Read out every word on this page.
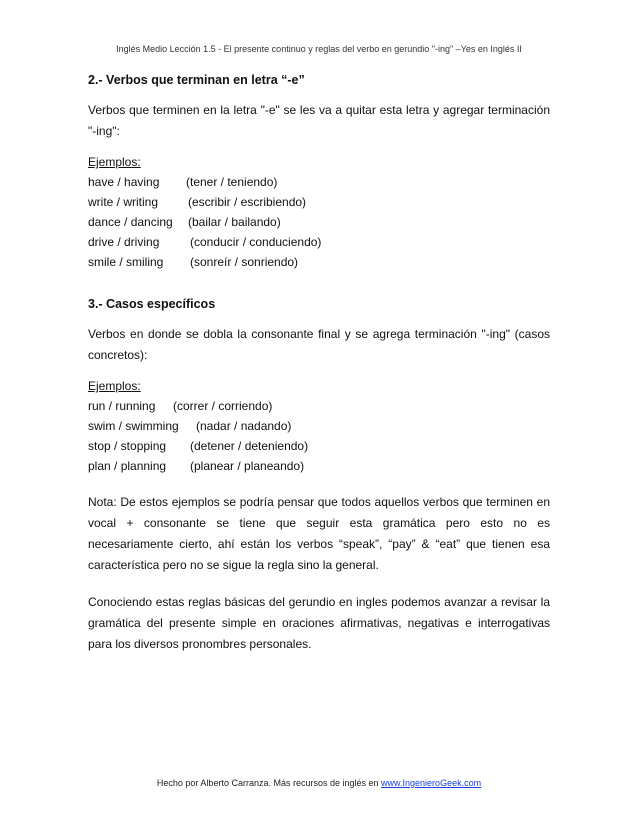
Inglés Medio Lección 1.5 - El presente continuo y reglas del verbo en gerundio "-ing" –Yes en Inglés II

2.- Verbos que terminan en letra “-e”

Verbos que terminen en la letra "-e" se les va a quitar esta letra y agregar terminación "-ing":

Ejemplos:

have / having	(tener / teniendo)
write / writing	(escribir / escribiendo)
dance / dancing	(bailar / bailando)
drive / driving	(conducir / conduciendo)
smile / smiling	(sonreír / sonriendo)

3.- Casos específicos

Verbos en donde se dobla la consonante final y se agrega terminación "-ing" (casos concretos):

Ejemplos:

run / running	(correr / corriendo)
swim / swimming	(nadar / nadando)
stop / stopping	(detener / deteniendo)
plan / planning	(planear / planeando)

Nota: De estos ejemplos se podría pensar que todos aquellos verbos que terminen en vocal + consonante se tiene que seguir esta gramática pero esto no es necesariamente cierto, ahí están los verbos “speak”, “pay” & “eat” que tienen esa característica pero no se sigue la regla sino la general.

Conociendo estas reglas básicas del gerundio en ingles podemos avanzar a revisar la gramática del presente simple en oraciones afirmativas, negativas e interrogativas para los diversos pronombres personales.

Hecho por Alberto Carranza. Más recursos de inglés en www.IngenieroGeek.com
